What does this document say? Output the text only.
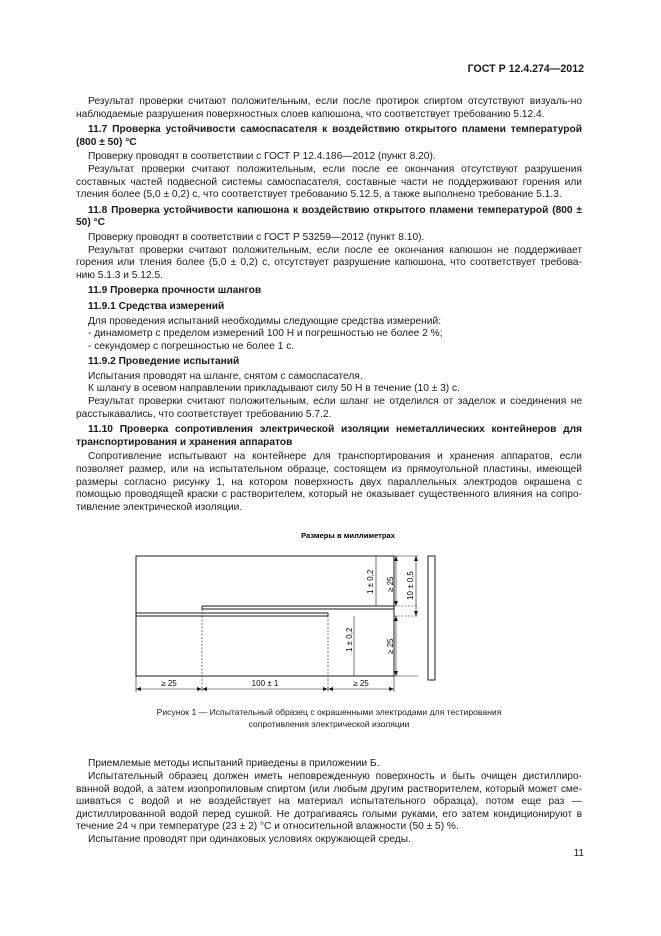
ГОСТ Р 12.4.274—2012
Результат проверки считают положительным, если после протирок спиртом отсутствуют визуаль-но наблюдаемые разрушения поверхностных слоев капюшона, что соответствует требованию 5.12.4.
11.7 Проверка устойчивости самоспасателя к воздействию открытого пламени температурой (800 ± 50) °С
Проверку проводят в соответствии с ГОСТ Р 12.4.186—2012 (пункт 8.20).
Результат проверки считают положительным, если после ее окончания отсутствуют разрушения составных частей подвесной системы самоспасателя, составные части не поддерживают горения или тления более (5,0 ± 0,2) с, что соответствует требованию 5.12.5, а также выполнено требование 5.1.3.
11.8 Проверка устойчивости капюшона к воздействию открытого пламени температурой (800 ± 50) °С
Проверку проводят в соответствии с ГОСТ Р 53259—2012 (пункт 8.10).
Результат проверки считают положительным, если после ее окончания капюшон не поддерживает горения или тления более (5,0 ± 0,2) с, отсутствует разрушение капюшона, что соответствует требова-нию 5.1.3 и 5.12.5.
11.9 Проверка прочности шлангов
11.9.1 Средства измерений
Для проведения испытаний необходимы следующие средства измерений:
- динамометр с пределом измерений 100 Н и погрешностью не более 2 %;
- секундомер с погрешностью не более 1 с.
11.9.2 Проведение испытаний
Испытания проводят на шланге, снятом с самоспасателя.
К шлангу в осевом направлении прикладывают силу 50 Н в течение (10 ± 3) с.
Результат проверки считают положительным, если шланг не отделился от заделок и соединения не расстыкавались, что соответствует требованию 5.7.2.
11.10 Проверка сопротивления электрической изоляции неметаллических контейнеров для транспортирования и хранения аппаратов
Сопротивление испытывают на контейнере для транспортирования и хранения аппаратов, если позволяет размер, или на испытательном образце, состоящем из прямоугольной пластины, имеющей размеры согласно рисунку 1, на котором поверхность двух параллельных электродов окрашена с помощью проводящей краски с растворителем, который не оказывает существенного влияния на сопро-тивление электрической изоляции.
Размеры в миллиметрах
≥ 25	100 ± 1	≥ 25
1 ± 0,2
1 ± 0,2
≥ 25
≥ 25
10 ± 0,5
Рисунок 1 — Испытательный образец с окрашенными электродами для тестирования
сопротивления электрической изоляции
Приемлемые методы испытаний приведены в приложении Б.
Испытательный образец должен иметь неповрежденную поверхность и быть очищен дистиллиро-ванной водой, а затем изопропиловым спиртом (или любым другим растворителем, который может сме-шиваться с водой и не воздействует на материал испытательного образца), потом еще раз — дистиллированной водой перед сушкой. Не дотрагиваясь голыми руками, его затем кондиционируют в течение 24 ч при температуре (23 ± 2) °С и относительной влажности (50 ± 5) %.
Испытание проводят при одинаковых условиях окружающей среды.
11
